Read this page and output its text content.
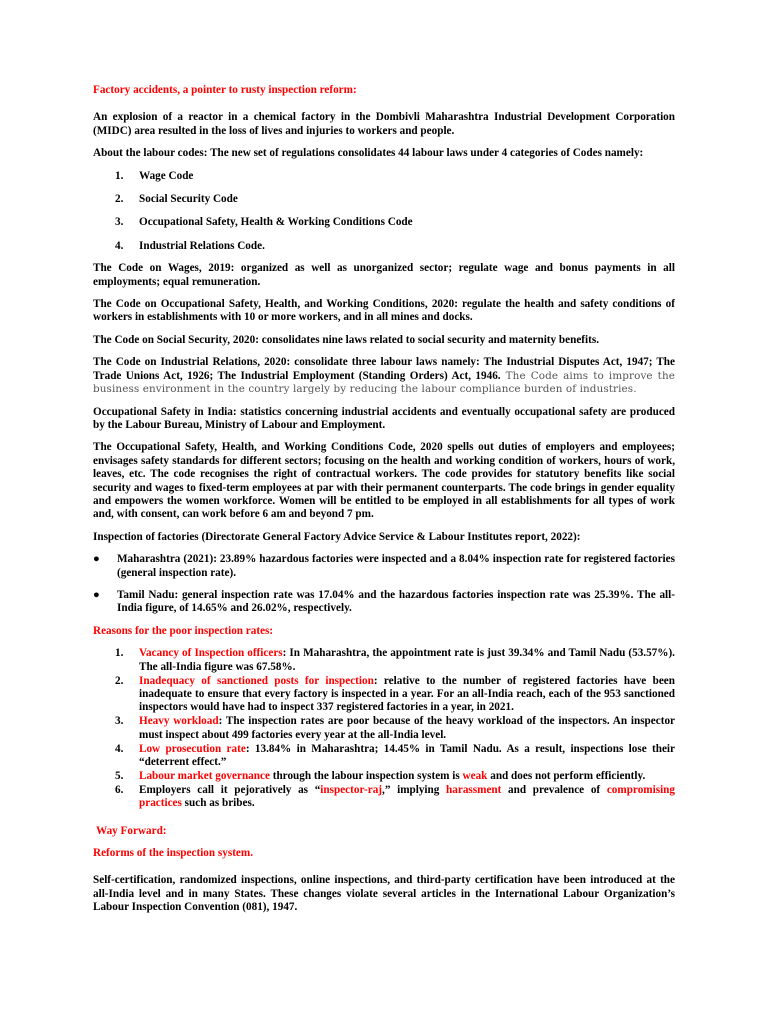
Factory accidents, a pointer to rusty inspection reform:

An explosion of a reactor in a chemical factory in the Dombivli Maharashtra Industrial Development Corporation (MIDC) area resulted in the loss of lives and injuries to workers and people.

About the labour codes: The new set of regulations consolidates 44 labour laws under 4 categories of Codes namely:

1.	Wage Code
2.	Social Security Code
3.	Occupational Safety, Health & Working Conditions Code
4.	Industrial Relations Code.

The Code on Wages, 2019: organized as well as unorganized sector; regulate wage and bonus payments in all employments; equal remuneration.

The Code on Occupational Safety, Health, and Working Conditions, 2020: regulate the health and safety conditions of workers in establishments with 10 or more workers, and in all mines and docks.

The Code on Social Security, 2020: consolidates nine laws related to social security and maternity benefits.

The Code on Industrial Relations, 2020: consolidate three labour laws namely: The Industrial Disputes Act, 1947; The Trade Unions Act, 1926; The Industrial Employment (Standing Orders) Act, 1946. The Code aims to improve the business environment in the country largely by reducing the labour compliance burden of industries.

Occupational Safety in India: statistics concerning industrial accidents and eventually occupational safety are produced by the Labour Bureau, Ministry of Labour and Employment.

The Occupational Safety, Health, and Working Conditions Code, 2020 spells out duties of employers and employees; envisages safety standards for different sectors; focusing on the health and working condition of workers, hours of work, leaves, etc. The code recognises the right of contractual workers. The code provides for statutory benefits like social security and wages to fixed-term employees at par with their permanent counterparts. The code brings in gender equality and empowers the women workforce. Women will be entitled to be employed in all establishments for all types of work and, with consent, can work before 6 am and beyond 7 pm.

Inspection of factories (Directorate General Factory Advice Service & Labour Institutes report, 2022):

●	Maharashtra (2021): 23.89% hazardous factories were inspected and a 8.04% inspection rate for registered factories (general inspection rate).

●	Tamil Nadu: general inspection rate was 17.04% and the hazardous factories inspection rate was 25.39%. The all-India figure, of 14.65% and 26.02%, respectively.

Reasons for the poor inspection rates:

1.	Vacancy of Inspection officers: In Maharashtra, the appointment rate is just 39.34% and Tamil Nadu (53.57%). The all-India figure was 67.58%.
2.	Inadequacy of sanctioned posts for inspection: relative to the number of registered factories have been inadequate to ensure that every factory is inspected in a year. For an all-India reach, each of the 953 sanctioned inspectors would have had to inspect 337 registered factories in a year, in 2021.
3.	Heavy workload: The inspection rates are poor because of the heavy workload of the inspectors. An inspector must inspect about 499 factories every year at the all-India level.
4.	Low prosecution rate: 13.84% in Maharashtra; 14.45% in Tamil Nadu. As a result, inspections lose their “deterrent effect.”
5.	Labour market governance through the labour inspection system is weak and does not perform efficiently.
6.	Employers call it pejoratively as “inspector-raj,” implying harassment and prevalence of compromising practices such as bribes.

Way Forward:

Reforms of the inspection system.

Self-certification, randomized inspections, online inspections, and third-party certification have been introduced at the all-India level and in many States. These changes violate several articles in the International Labour Organization’s Labour Inspection Convention (081), 1947.
